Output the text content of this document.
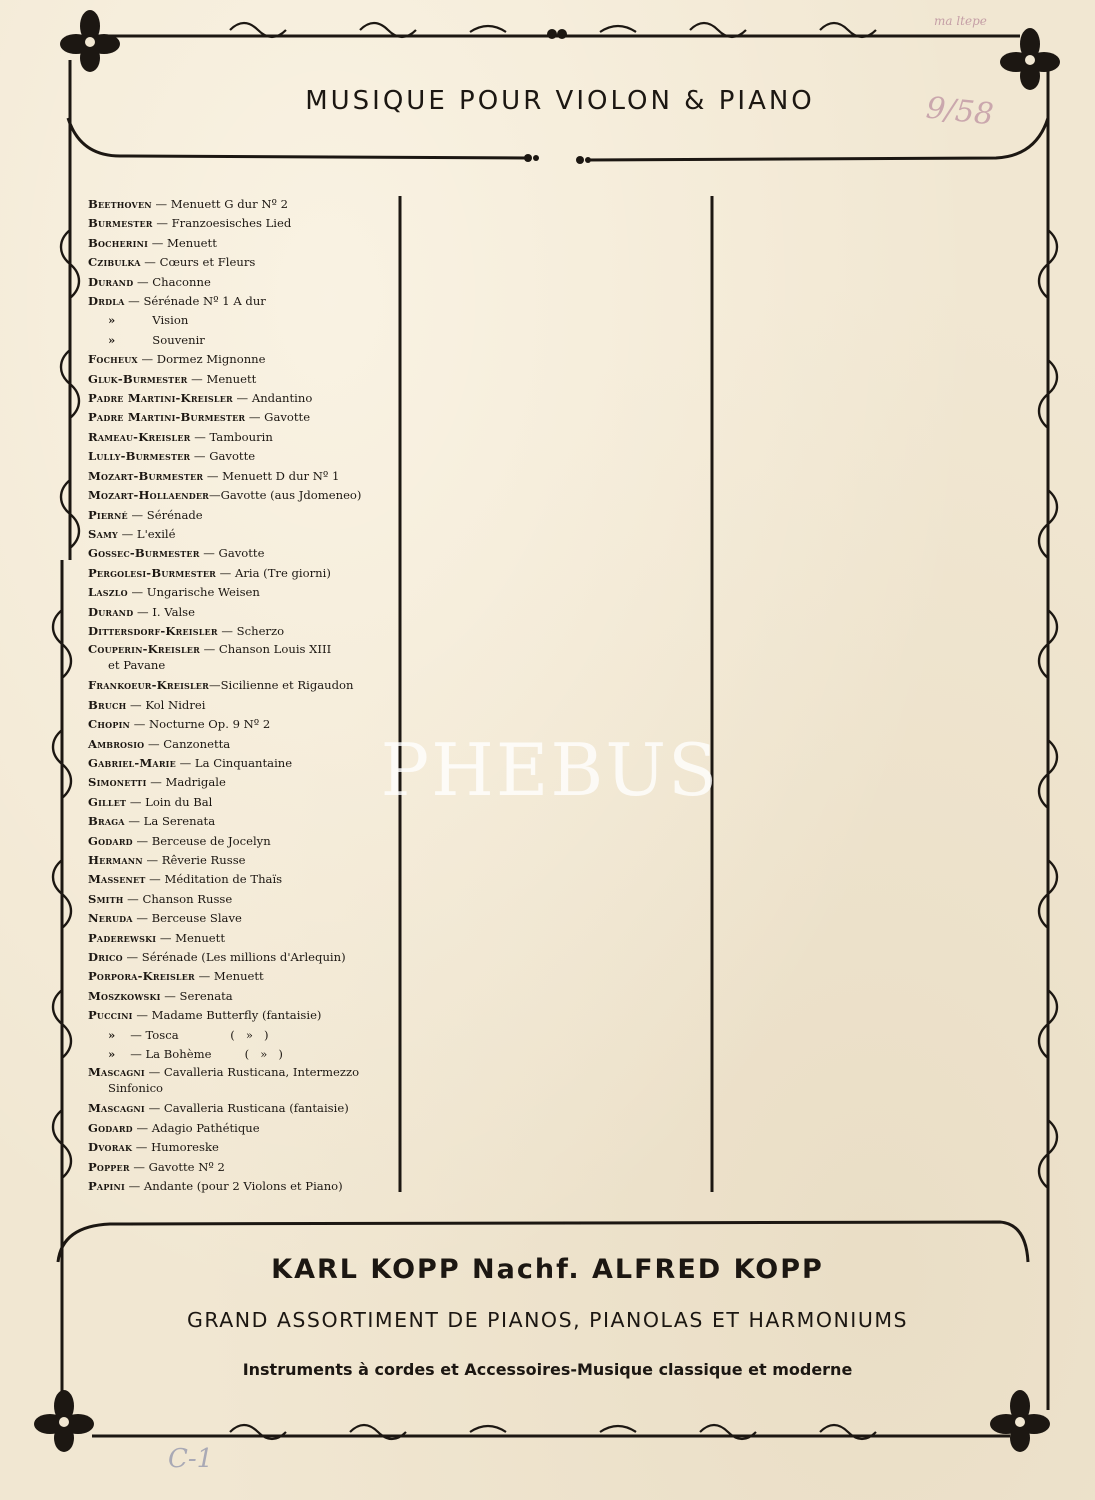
ma ltepe
9/58
MUSIQUE POUR VIOLON & PIANO
Beethoven — Menuett G dur Nº 2
Burmester — Franzoesisches Lied
Bocherini — Menuett
Czibulka — Cœurs et Fleurs
Durand — Chaconne
Drdla — Sérénade Nº 1 A dur
»          Vision
»          Souvenir
Focheux — Dormez Mignonne
Gluk-Burmester — Menuett
Padre Martini-Kreisler — Andantino
Padre Martini-Burmester — Gavotte
Rameau-Kreisler — Tambourin
Lully-Burmester — Gavotte
Mozart-Burmester — Menuett D dur Nº 1
Mozart-Hollaender—Gavotte (aus Jdomeneo)
Pierné — Sérénade
Samy — L'exilé
Gossec-Burmester — Gavotte
Pergolesi-Burmester — Aria (Tre giorni)
Laszlo — Ungarische Weisen
Durand — I. Valse
Dittersdorf-Kreisler — Scherzo
Couperin-Kreisler — Chanson Louis XIII
et Pavane
Frankoeur-Kreisler—Sicilienne et Rigaudon
Bruch — Kol Nidrei
Chopin — Nocturne Op. 9 Nº 2
Ambrosio — Canzonetta
Gabriel-Marie — La Cinquantaine
Simonetti — Madrigale
Gillet — Loin du Bal
Braga — La Serenata
Godard — Berceuse de Jocelyn
Hermann — Rêverie Russe
Massenet — Méditation de Thaïs
Smith — Chanson Russe
Neruda — Berceuse Slave
Paderewski — Menuett
Drico — Sérénade (Les millions d'Arlequin)
Porpora-Kreisler — Menuett
Moszkowski — Serenata
Puccini — Madame Butterfly (fantaisie)
»    — Tosca              (   »   )
»    — La Bohème         (   »   )
Mascagni — Cavalleria Rusticana, Intermezzo
Sinfonico
Mascagni — Cavalleria Rusticana (fantaisie)
Godard — Adagio Pathétique
Dvorak — Humoreske
Popper — Gavotte Nº 2
Papini — Andante (pour 2 Violons et Piano)
PHEBUS
KARL KOPP Nachf. ALFRED KOPP
GRAND ASSORTIMENT DE PIANOS, PIANOLAS ET HARMONIUMS
Instruments à cordes et Accessoires-Musique classique et moderne
C-1
